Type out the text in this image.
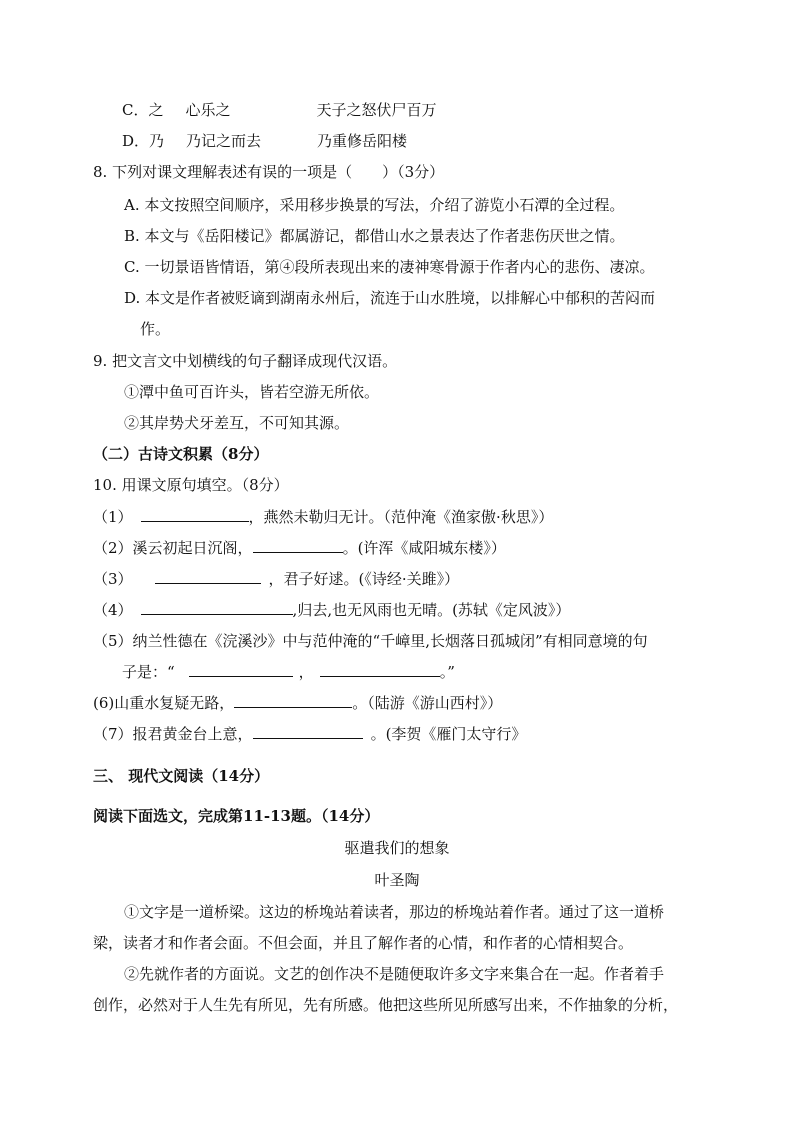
C．之 心乐之	天子之怒伏尸百万
D．乃 乃记之而去	乃重修岳阳楼
8. 下列对课文理解表述有误的一项是（　　）（3分）
A. 本文按照空间顺序，采用移步换景的写法，介绍了游览小石潭的全过程。
B. 本文与《岳阳楼记》都属游记，都借山水之景表达了作者悲伤厌世之情。
C. 一切景语皆情语，第④段所表现出来的凄神寒骨源于作者内心的悲伤、凄凉。
D. 本文是作者被贬谪到湖南永州后，流连于山水胜境，以排解心中郁积的苦闷而
作。
9. 把文言文中划横线的句子翻译成现代汉语。
①潭中鱼可百许头，皆若空游无所依。
②其岸势犬牙差互，不可知其源。
（二）古诗文积累（8分）
10. 用课文原句填空。（8分）
（1）	，燕然未勒归无计。（范仲淹《渔家傲·秋思》）
（2）溪云初起日沉阁，	。(许浑《咸阳城东楼》）
（3）	，君子好逑。(《诗经·关雎》）
（4）	,归去,也无风雨也无晴。(苏轼《定风波》）
（5）纳兰性德在《浣溪沙》中与范仲淹的“千嶂里,长烟落日孤城闭”有相同意境的句
子是：“	，	。”
(6)山重水复疑无路，	。（陆游《游山西村》）
（7）报君黄金台上意，	。(李贺《雁门太守行》
三、 现代文阅读（14分）
阅读下面选文，完成第11-13题。（14分）
驱遣我们的想象
叶圣陶
①文字是一道桥梁。这边的桥堍站着读者，那边的桥堍站着作者。通过了这一道桥
梁，读者才和作者会面。不但会面，并且了解作者的心情，和作者的心情相契合。
②先就作者的方面说。文艺的创作决不是随便取许多文字来集合在一起。作者着手
创作，必然对于人生先有所见，先有所感。他把这些所见所感写出来，不作抽象的分析，
